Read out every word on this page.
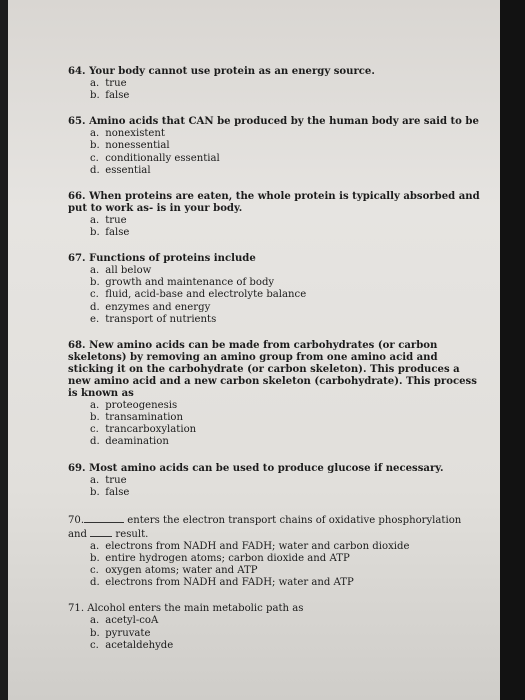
64. Your body cannot use protein as an energy source.
a. true
b. false
65. Amino acids that CAN be produced by the human body are said to be
a. nonexistent
b. nonessential
c. conditionally essential
d. essential
66. When proteins are eaten, the whole protein is typically absorbed and put to work as- is in your body.
a. true
b. false
67. Functions of proteins include
a. all below
b. growth and maintenance of body
c. fluid, acid-base and electrolyte balance
d. enzymes and energy
e. transport of nutrients
68. New amino acids can be made from carbohydrates (or carbon skeletons) by removing an amino group from one amino acid and sticking it on the carbohydrate (or carbon skeleton). This produces a new amino acid and a new carbon skeleton (carbohydrate). This process is known as
a. proteogenesis
b. transamination
c. trancarboxylation
d. deamination
69. Most amino acids can be used to produce glucose if necessary.
a. true
b. false
70.	enters the electron transport chains of oxidative phosphorylation
and	result.
a. electrons from NADH and FADH; water and carbon dioxide
b. entire hydrogen atoms; carbon dioxide and ATP
c. oxygen atoms; water and ATP
d. electrons from NADH and FADH; water and ATP
71. Alcohol enters the main metabolic path as
a. acetyl-coA
b. pyruvate
c. acetaldehyde
